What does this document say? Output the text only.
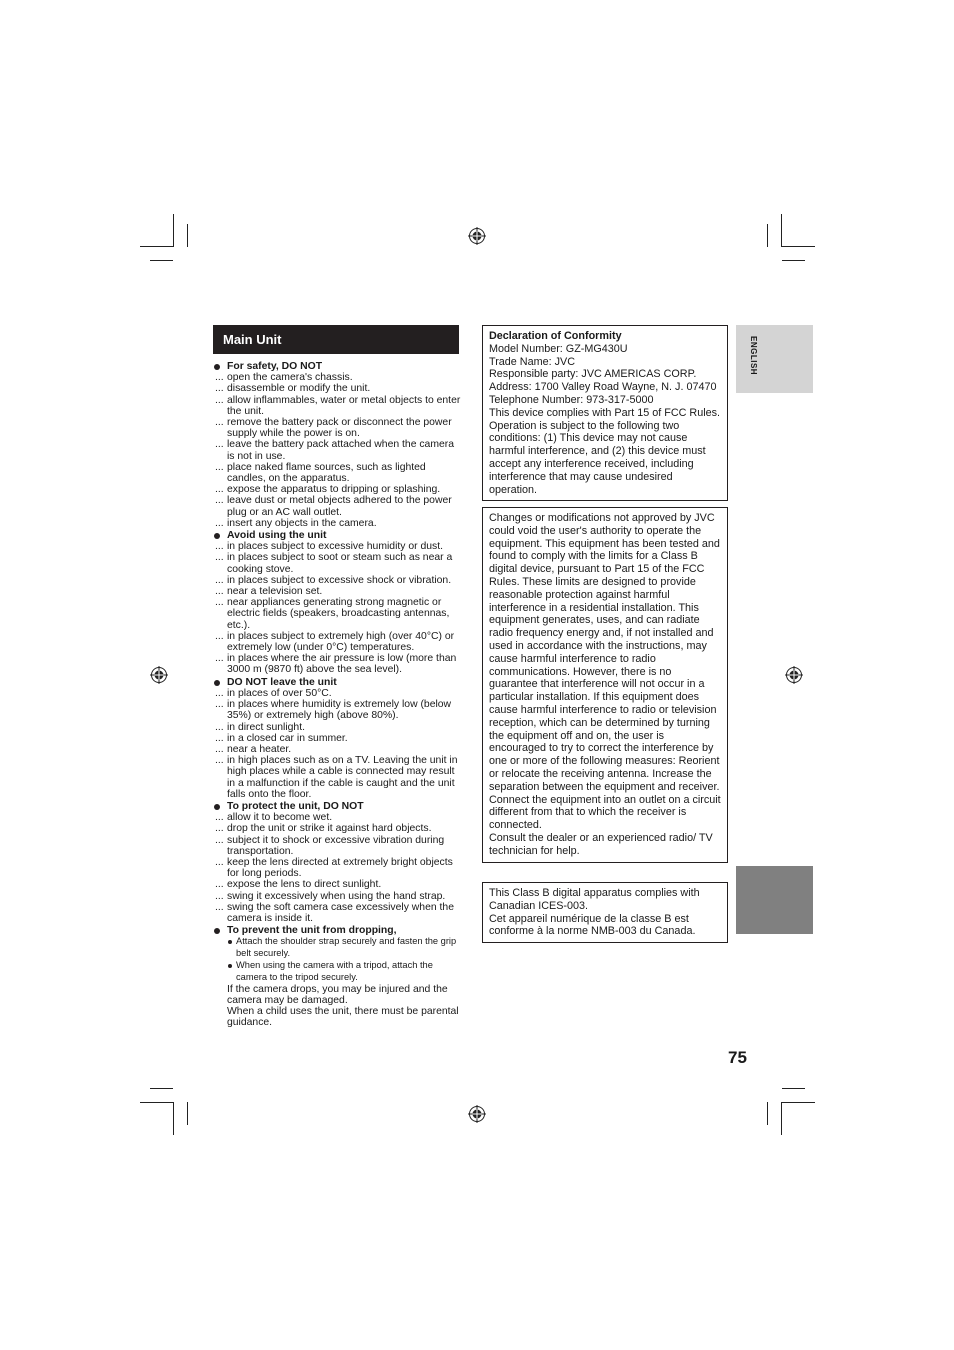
Main Unit
For safety, DO NOT
... open the camera's chassis.
... disassemble or modify the unit.
... allow inflammables, water or metal objects to enter the unit.
... remove the battery pack or disconnect the power supply while the power is on.
... leave the battery pack attached when the camera is not in use.
... place naked flame sources, such as lighted candles, on the apparatus.
... expose the apparatus to dripping or splashing.
... leave dust or metal objects adhered to the power plug or an AC wall outlet.
... insert any objects in the camera.
Avoid using the unit
... in places subject to excessive humidity or dust.
... in places subject to soot or steam such as near a cooking stove.
... in places subject to excessive shock or vibration.
... near a television set.
... near appliances generating strong magnetic or electric fields (speakers, broadcasting antennas, etc.).
... in places subject to extremely high (over 40°C) or extremely low (under 0°C) temperatures.
... in places where the air pressure is low (more than 3000 m (9870 ft) above the sea level).
DO NOT leave the unit
... in places of over 50°C.
... in places where humidity is extremely low (below 35%) or extremely high (above 80%).
... in direct sunlight.
... in a closed car in summer.
... near a heater.
... in high places such as on a TV. Leaving the unit in high places while a cable is connected may result in a malfunction if the cable is caught and the unit falls onto the floor.
To protect the unit, DO NOT
... allow it to become wet.
... drop the unit or strike it against hard objects.
... subject it to shock or excessive vibration during transportation.
... keep the lens directed at extremely bright objects for long periods.
... expose the lens to direct sunlight.
... swing it excessively when using the hand strap.
... swing the soft camera case excessively when the camera is inside it.
To prevent the unit from dropping,
Attach the shoulder strap securely and fasten the grip belt securely.
When using the camera with a tripod, attach the camera to the tripod securely.
If the camera drops, you may be injured and the camera may be damaged.
When a child uses the unit, there must be parental guidance.

Declaration of Conformity

Model Number: GZ-MG430U

Trade Name: JVC

Responsible party: JVC AMERICAS CORP.

Address: 1700 Valley Road Wayne, N. J. 07470

Telephone Number: 973-317-5000

This device complies with Part 15 of FCC Rules. Operation is subject to the following two conditions: (1) This device may not cause harmful interference, and (2) this device must accept any interference received, including interference that may cause undesired operation.

Changes or modifications not approved by JVC could void the user's authority to operate the equipment. This equipment has been tested and found to comply with the limits for a Class B digital device, pursuant to Part 15 of the FCC Rules. These limits are designed to provide reasonable protection against harmful interference in a residential installation. This equipment generates, uses, and can radiate radio frequency energy and, if not installed and used in accordance with the instructions, may cause harmful interference to radio communications. However, there is no guarantee that interference will not occur in a particular installation. If this equipment does cause harmful interference to radio or television reception, which can be determined by turning the equipment off and on, the user is encouraged to try to correct the interference by one or more of the following measures: Reorient or relocate the receiving antenna. Increase the separation between the equipment and receiver.

Connect the equipment into an outlet on a circuit different from that to which the receiver is connected.

Consult the dealer or an experienced radio/ TV technician for help.

This Class B digital apparatus complies with Canadian ICES-003.

Cet appareil numérique de la classe B est conforme à la norme NMB-003 du Canada.

ENGLISH
75
